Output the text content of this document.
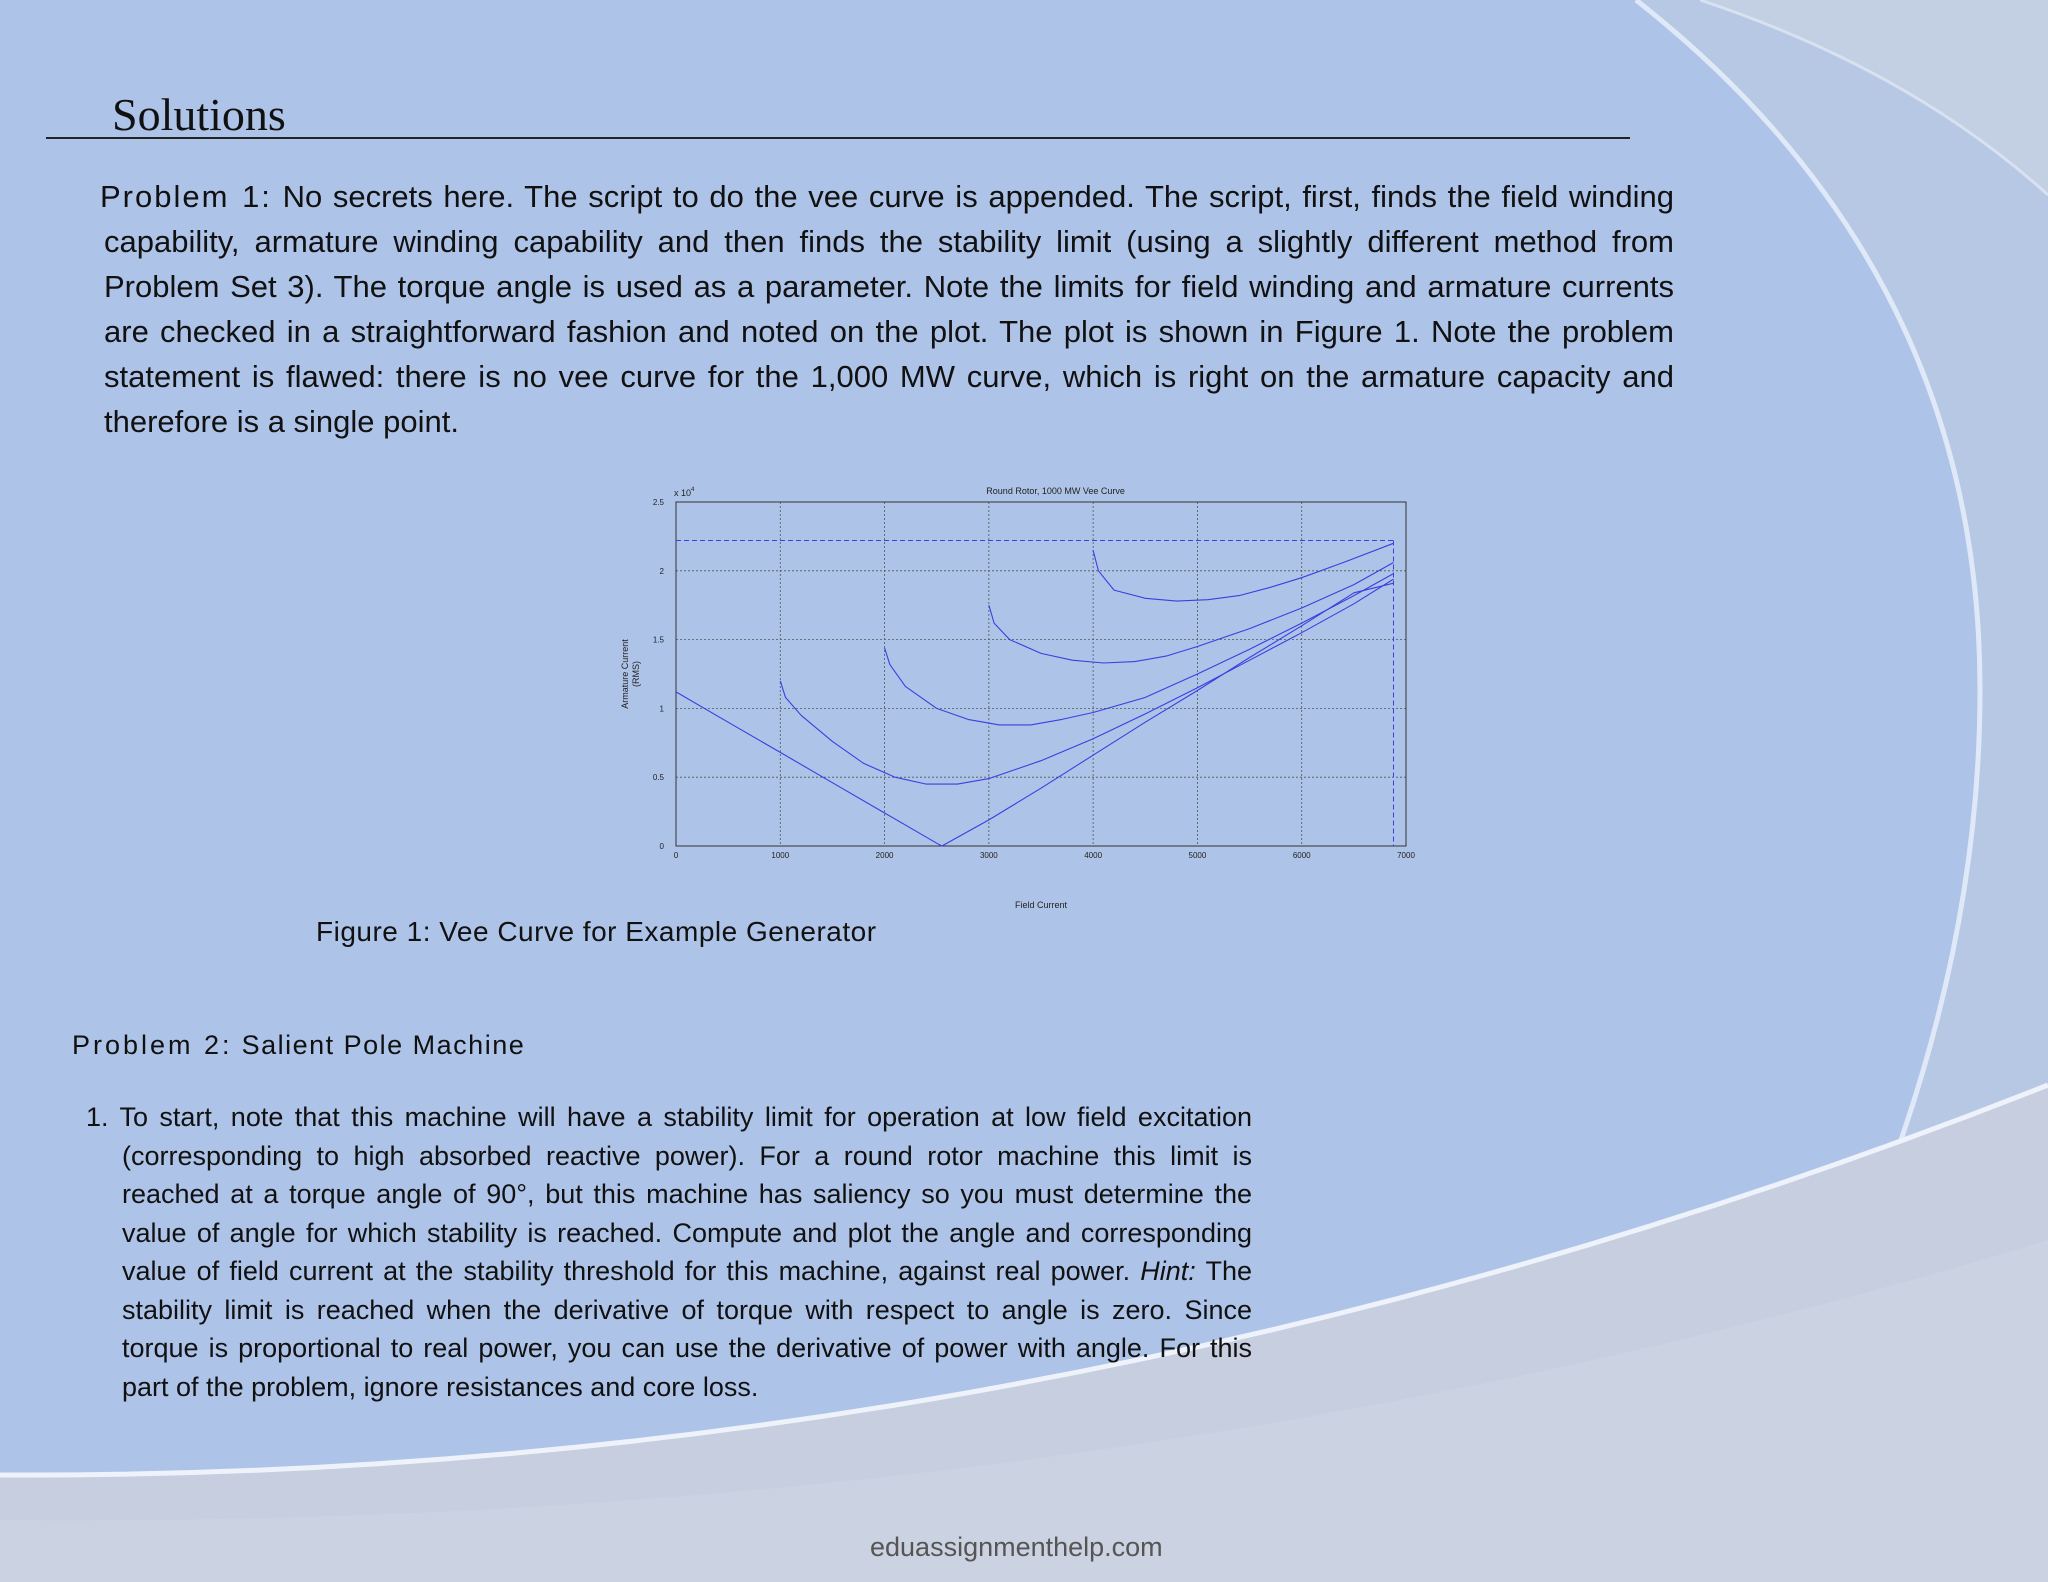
Solutions

Problem 1: No secrets here. The script to do the vee curve is appended. The script, first, finds the field winding capability, armature winding capability and then finds the stability limit (using a slightly different method from Problem Set 3). The torque angle is used as a parameter. Note the limits for field winding and armature currents are checked in a straightforward fashion and noted on the plot. The plot is shown in Figure 1. Note the problem statement is flawed: there is no vee curve for the 1,000 MW curve, which is right on the armature capacity and therefore is a single point.

0	1000	2000	3000	4000	5000	6000	7000
0
0.5
1
1.5
2
2.5
Round Rotor, 1000 MW Vee Curve
Field Current
Armature Current (RMS)
x $10^4$

Figure 1: Vee Curve for Example Generator

Problem 2: Salient Pole Machine

1. To start, note that this machine will have a stability limit for operation at low field excitation (corresponding to high absorbed reactive power). For a round rotor machine this limit is reached at a torque angle of 90°, but this machine has saliency so you must determine the value of angle for which stability is reached. Compute and plot the angle and corresponding value of field current at the stability threshold for this machine, against real power. Hint: The stability limit is reached when the derivative of torque with respect to angle is zero. Since torque is proportional to real power, you can use the derivative of power with angle. For this part of the problem, ignore resistances and core loss.

eduassignmenthelp.com
